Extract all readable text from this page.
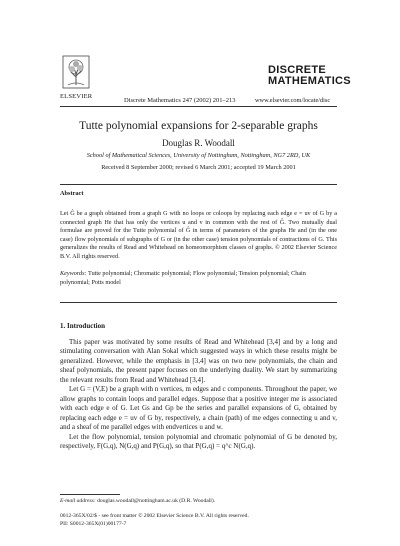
ELSEVIER
Discrete Mathematics 247 (2002) 201–213
DISCRETE
MATHEMATICS
www.elsevier.com/locate/disc
Tutte polynomial expansions for 2-separable graphs
Douglas R. Woodall
School of Mathematical Sciences, University of Nottingham, Nottingham, NG7 2RD, UK
Received 8 September 2000; revised 6 March 2001; accepted 19 March 2001
Abstract
Let Ĝ be a graph obtained from a graph G with no loops or coloops by replacing each edge e = uv of G by a connected graph He that has only the vertices u and v in common with the rest of Ĝ. Two mutually dual formulae are proved for the Tutte polynomial of Ĝ in terms of parameters of the graphs He and (in the one case) flow polynomials of subgraphs of G or (in the other case) tension polynomials of contractions of G. This generalizes the results of Read and Whitehead on homeomorphism classes of graphs. © 2002 Elsevier Science B.V. All rights reserved.
Keywords: Tutte polynomial; Chromatic polynomial; Flow polynomial; Tension polynomial; Chain polynomial; Potts model
1. Introduction

This paper was motivated by some results of Read and Whitehead [3,4] and by a long and stimulating conversation with Alan Sokal which suggested ways in which these results might be generalized. However, while the emphasis in [3,4] was on two new polynomials, the chain and sheaf polynomials, the present paper focuses on the underlying duality. We start by summarizing the relevant results from Read and Whitehead [3,4].

Let G = (V,E) be a graph with n vertices, m edges and c components. Throughout the paper, we allow graphs to contain loops and parallel edges. Suppose that a positive integer me is associated with each edge e of G. Let Gs and Gp be the series and parallel expansions of G, obtained by replacing each edge e = uv of G by, respectively, a chain (path) of me edges connecting u and v, and a sheaf of me parallel edges with endvertices u and w.

Let the flow polynomial, tension polynomial and chromatic polynomial of G be denoted by, respectively, F(G,q), N(G,q) and P(G,q), so that P(G,q) = q^c N(G,q).

E-mail address: douglas.woodall@nottingham.ac.uk (D.R. Woodall).
0012-365X/02/$ - see front matter © 2002 Elsevier Science B.V. All rights reserved.
PII: S0012-365X(01)00177-7
